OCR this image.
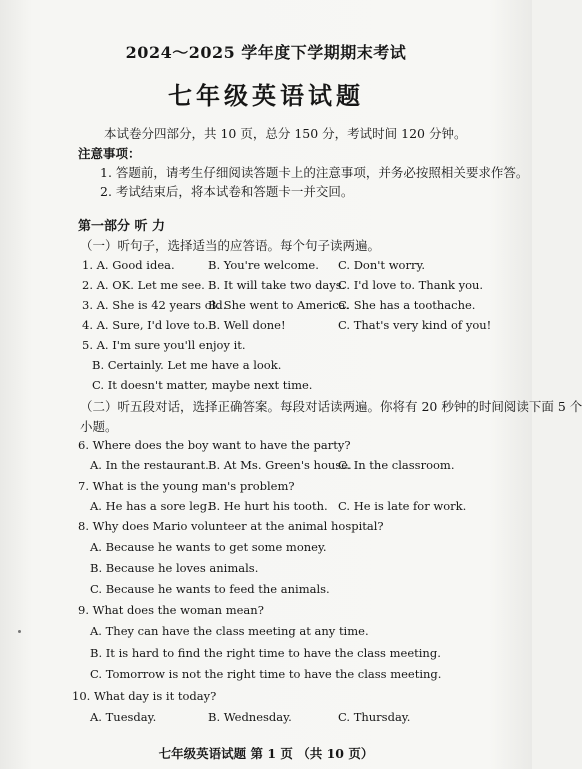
2024～2025 学年度下学期期末考试
七年级英语试题
本试卷分四部分，共 10 页，总分 150 分，考试时间 120 分钟。
注意事项：
1. 答题前，请考生仔细阅读答题卡上的注意事项，并务必按照相关要求作答。
2. 考试结束后，将本试卷和答题卡一并交回。
第一部分 听 力
（一）听句子，选择适当的应答语。每个句子读两遍。
1. A. Good idea.	B. You're welcome. C. Don't worry.
2. A. OK. Let me see. B. It will take two days.
C. I'd love to. Thank you.
3. A. She is 42 years old.
B. She went to America.
C. She has a toothache.
4. A. Sure, I'd love to. B. Well done!	C. That's very kind of you!
5. A. I'm sure you'll enjoy it.
B. Certainly. Let me have a look.
C. It doesn't matter, maybe next time.
（二）听五段对话，选择正确答案。每段对话读两遍。你将有 20 秒钟的时间阅读下面 5 个
小题。
6. Where does the boy want to have the party?
A. In the restaurant. B. At Ms. Green's house.
C. In the classroom.
7. What is the young man's problem?
A. He has a sore leg.
B. He hurt his tooth. C. He is late for work.
8. Why does Mario volunteer at the animal hospital?
A. Because he wants to get some money.
B. Because he loves animals.
C. Because he wants to feed the animals.
9. What does the woman mean?
A. They can have the class meeting at any time.
B. It is hard to find the right time to have the class meeting.
C. Tomorrow is not the right time to have the class meeting.
10. What day is it today?
A. Tuesday.	B. Wednesday.	C. Thursday.
七年级英语试题 第 1 页 （共 10 页）
